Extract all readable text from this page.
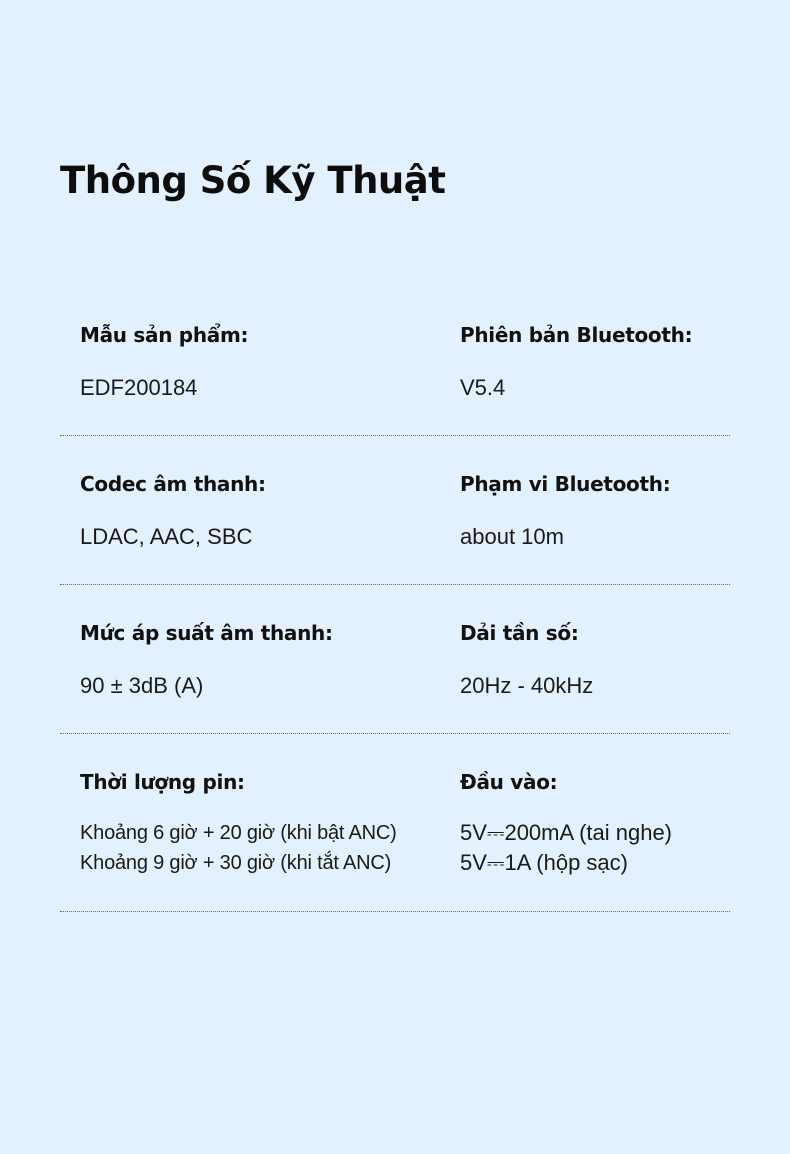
Thông Số Kỹ Thuật
Mẫu sản phẩm:
EDF200184
Phiên bản Bluetooth:
V5.4
Codec âm thanh:
LDAC, AAC, SBC
Phạm vi Bluetooth:
about 10m
Mức áp suất âm thanh:
90 ± 3dB (A)
Dải tần số:
20Hz - 40kHz
Thời lượng pin:
Khoảng 6 giờ + 20 giờ (khi bật ANC)
Khoảng 9 giờ + 30 giờ (khi tắt ANC)
Đầu vào:
5V⎓200mA (tai nghe)
5V⎓1A (hộp sạc)
